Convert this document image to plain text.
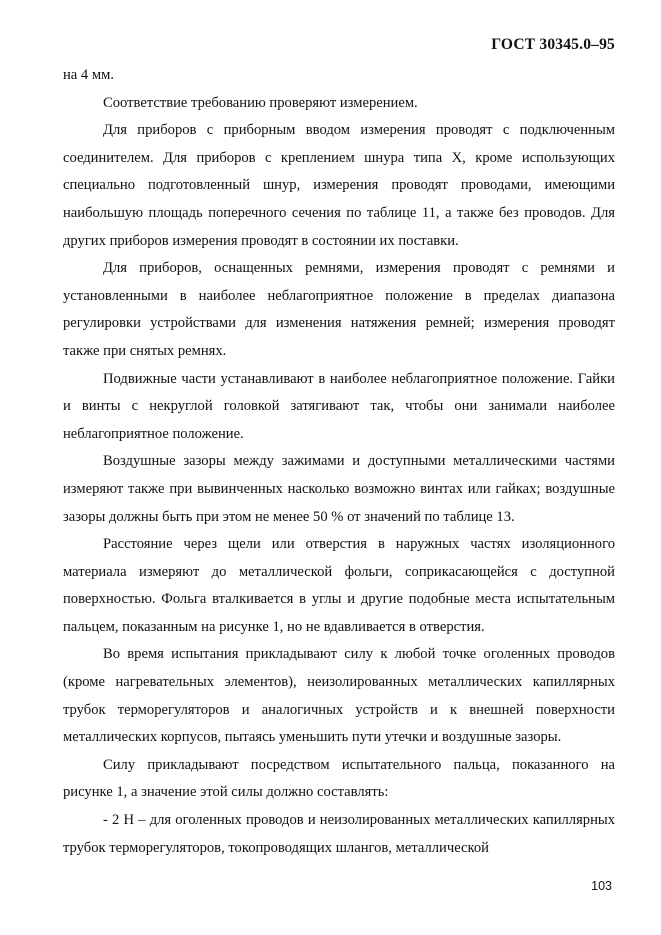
ГОСТ 30345.0–95

на 4 мм.

Соответствие требованию проверяют измерением.

Для приборов с приборным вводом измерения проводят с подключенным соединителем. Для приборов с креплением шнура типа X, кроме использующих специально подготовленный шнур, измерения проводят проводами, имеющими наибольшую площадь поперечного сечения по таблице 11, а также без проводов. Для других приборов измерения проводят в состоянии их поставки.

Для приборов, оснащенных ремнями, измерения проводят с ремнями и установленными в наиболее неблагоприятное положение в пределах диапазона регулировки устройствами для изменения натяжения ремней; измерения проводят также при снятых ремнях.

Подвижные части устанавливают в наиболее неблагоприятное положение. Гайки и винты с некруглой головкой затягивают так, чтобы они занимали наиболее неблагоприятное положение.

Воздушные зазоры между зажимами и доступными металлическими частями измеряют также при вывинченных насколько возможно винтах или гайках; воздушные зазоры должны быть при этом не менее 50 % от значений по таблице 13.

Расстояние через щели или отверстия в наружных частях изоляционного материала измеряют до металлической фольги, соприкасающейся с доступной поверхностью. Фольга вталкивается в углы и другие подобные места испытательным пальцем, показанным на рисунке 1, но не вдавливается в отверстия.

Во время испытания прикладывают силу к любой точке оголенных проводов (кроме нагревательных элементов), неизолированных металлических капиллярных трубок терморегуляторов и аналогичных устройств и к внешней поверхности металлических корпусов, пытаясь уменьшить пути утечки и воздушные зазоры.

Силу прикладывают посредством испытательного пальца, показанного на рисунке 1, а значение этой силы должно составлять:

- 2 Н – для оголенных проводов и неизолированных металлических капиллярных трубок терморегуляторов, токопроводящих шлангов, металлической

103
